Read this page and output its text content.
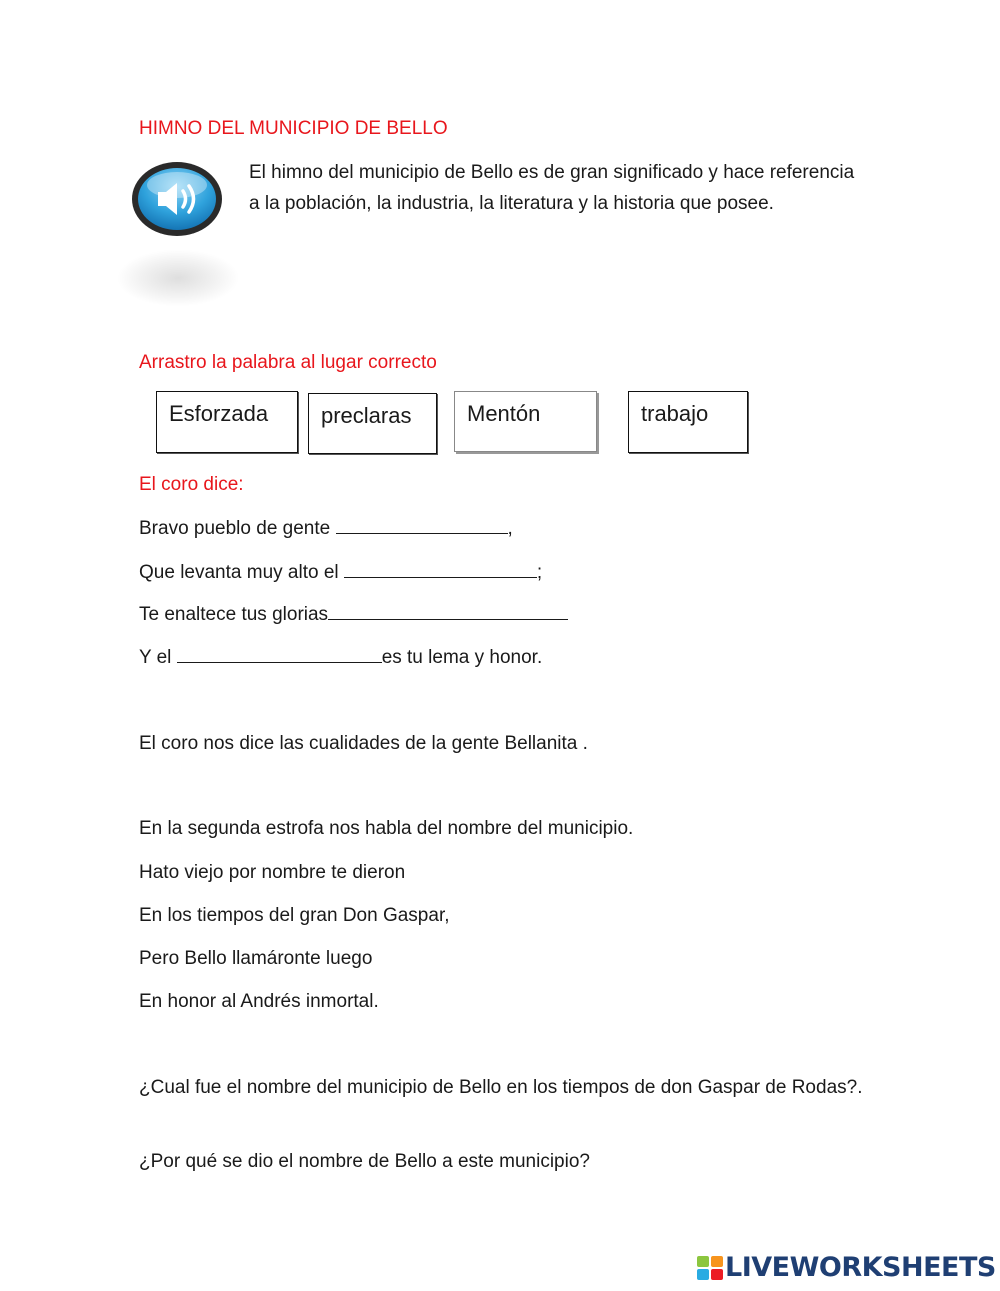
HIMNO DEL MUNICIPIO DE BELLO
El himno del municipio de Bello es de gran significado y hace referencia a la población, la industria, la literatura y la historia que posee.
Arrastro la palabra al lugar correcto
Esforzada	preclaras	Mentón	trabajo
El coro dice:
Bravo pueblo de gente	,
Que levanta muy alto el	;
Te enaltece tus glorias
Y el	es tu lema y honor.
El coro nos dice las cualidades de la gente Bellanita .
En la segunda estrofa nos habla del nombre del municipio.
Hato viejo por nombre te dieron
En los tiempos del gran Don Gaspar,
Pero Bello llamáronte luego
En honor al Andrés inmortal.
¿Cual fue el nombre del municipio de Bello en los tiempos de don Gaspar de Rodas?.
¿Por qué se dio el nombre de Bello a este municipio?
LIVEWORKSHEETS
